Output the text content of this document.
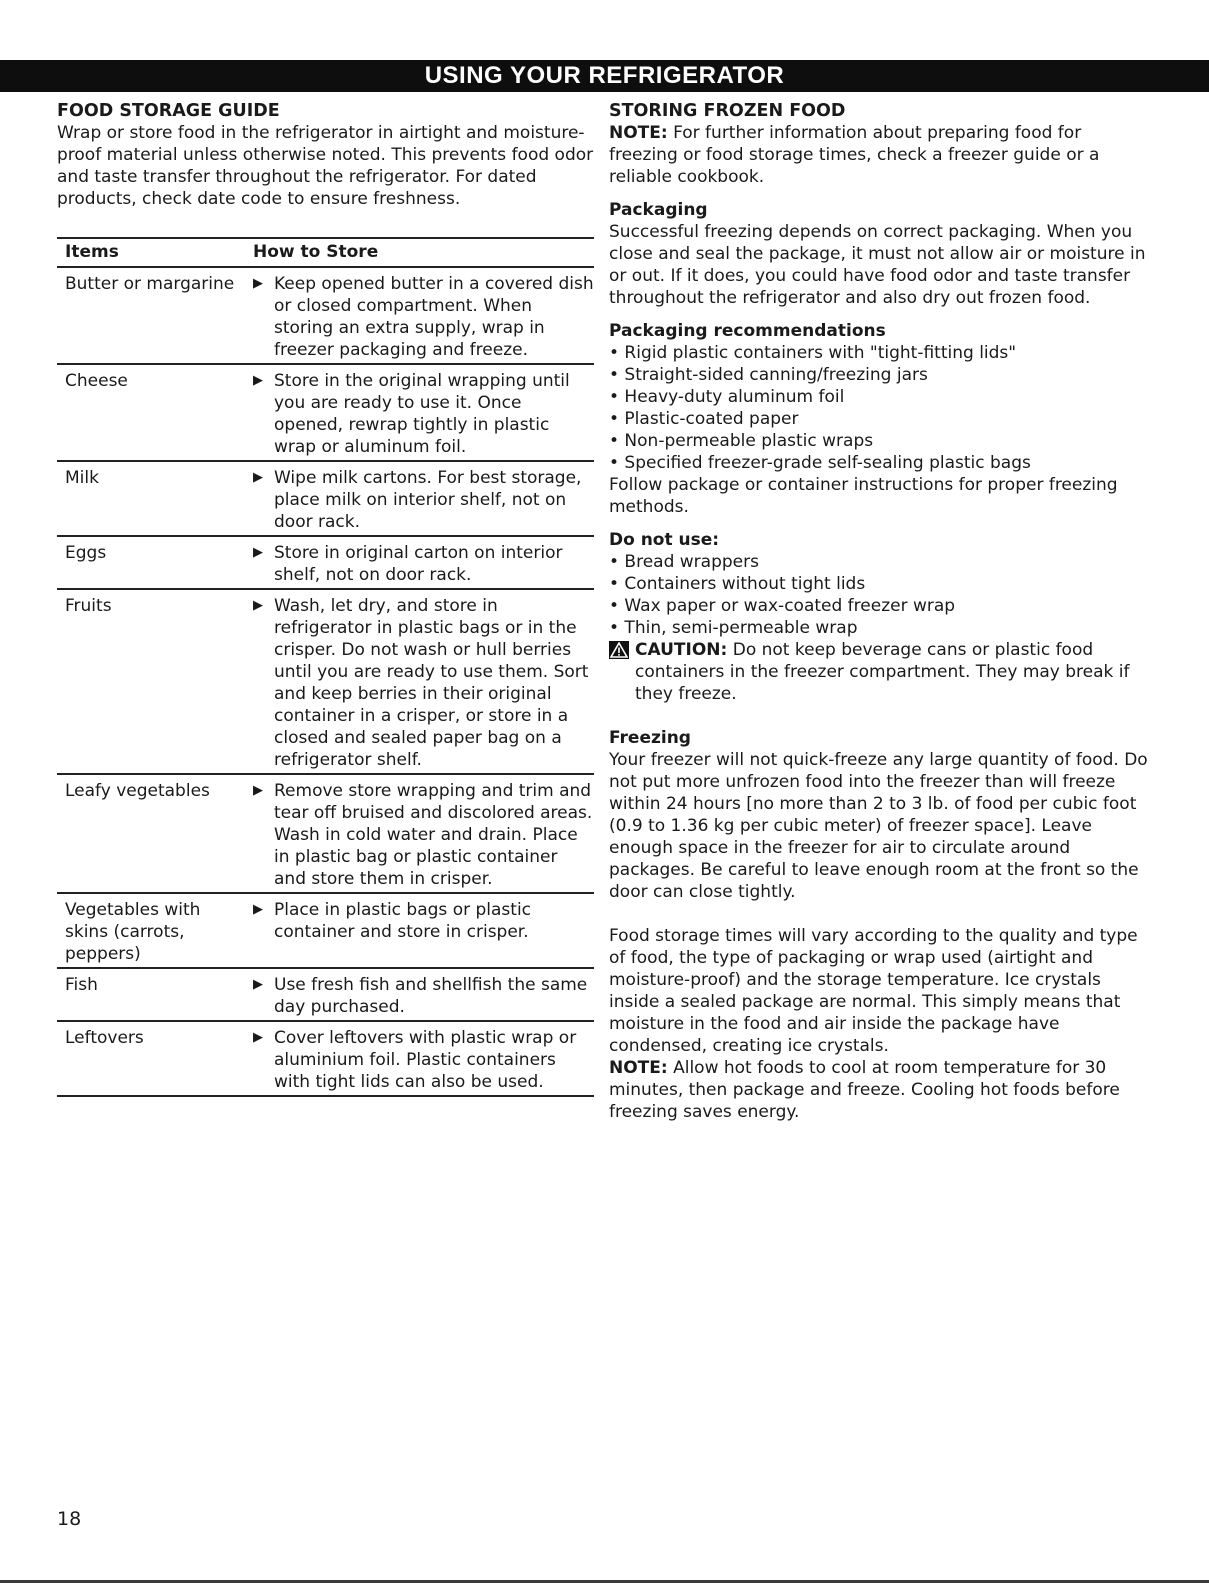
USING YOUR REFRIGERATOR

FOOD STORAGE GUIDE

Wrap or store food in the refrigerator in airtight and moisture-proof material unless otherwise noted. This prevents food odor and taste transfer throughout the refrigerator. For dated products, check date code to ensure freshness.

Items	How to Store
Butter or margarine	▶ Keep opened butter in a covered dish or closed compartment. When storing an extra supply, wrap in freezer packaging and freeze.

Cheese	▶ Store in the original wrapping until you are ready to use it. Once opened, rewrap tightly in plastic wrap or aluminum foil.

Milk	▶ Wipe milk cartons. For best storage, place milk on interior shelf, not on door rack.

Eggs	▶ Store in original carton on interior shelf, not on door rack.

Fruits	▶ Wash, let dry, and store in refrigerator in plastic bags or in the crisper. Do not wash or hull berries until you are ready to use them. Sort and keep berries in their original container in a crisper, or store in a closed and sealed paper bag on a refrigerator shelf.

Leafy vegetables	▶ Remove store wrapping and trim and tear off bruised and discolored areas. Wash in cold water and drain. Place in plastic bag or plastic container and store them in crisper.

Vegetables with skins (carrots, peppers)	▶ Place in plastic bags or plastic container and store in crisper.

Fish	▶ Use fresh fish and shellfish the same day purchased.

Leftovers	▶ Cover leftovers with plastic wrap or aluminium foil. Plastic containers with tight lids can also be used.

STORING FROZEN FOOD

NOTE: For further information about preparing food for freezing or food storage times, check a freezer guide or a reliable cookbook.

Packaging

Successful freezing depends on correct packaging. When you close and seal the package, it must not allow air or moisture in or out. If it does, you could have food odor and taste transfer throughout the refrigerator and also dry out frozen food.

Packaging recommendations

• Rigid plastic containers with "tight-fitting lids"

• Straight-sided canning/freezing jars

• Heavy-duty aluminum foil

• Plastic-coated paper

• Non-permeable plastic wraps

• Specified freezer-grade self-sealing plastic bags

Follow package or container instructions for proper freezing methods.

Do not use:

• Bread wrappers

• Containers without tight lids

• Wax paper or wax-coated freezer wrap

• Thin, semi-permeable wrap

CAUTION: Do not keep beverage cans or plastic food containers in the freezer compartment. They may break if they freeze.

Freezing

Your freezer will not quick-freeze any large quantity of food. Do not put more unfrozen food into the freezer than will freeze within 24 hours [no more than 2 to 3 lb. of food per cubic foot (0.9 to 1.36 kg per cubic meter) of freezer space]. Leave enough space in the freezer for air to circulate around packages. Be careful to leave enough room at the front so the door can close tightly.

Food storage times will vary according to the quality and type of food, the type of packaging or wrap used (airtight and moisture-proof) and the storage temperature. Ice crystals inside a sealed package are normal. This simply means that moisture in the food and air inside the package have condensed, creating ice crystals.

NOTE: Allow hot foods to cool at room temperature for 30 minutes, then package and freeze. Cooling hot foods before freezing saves energy.

18
